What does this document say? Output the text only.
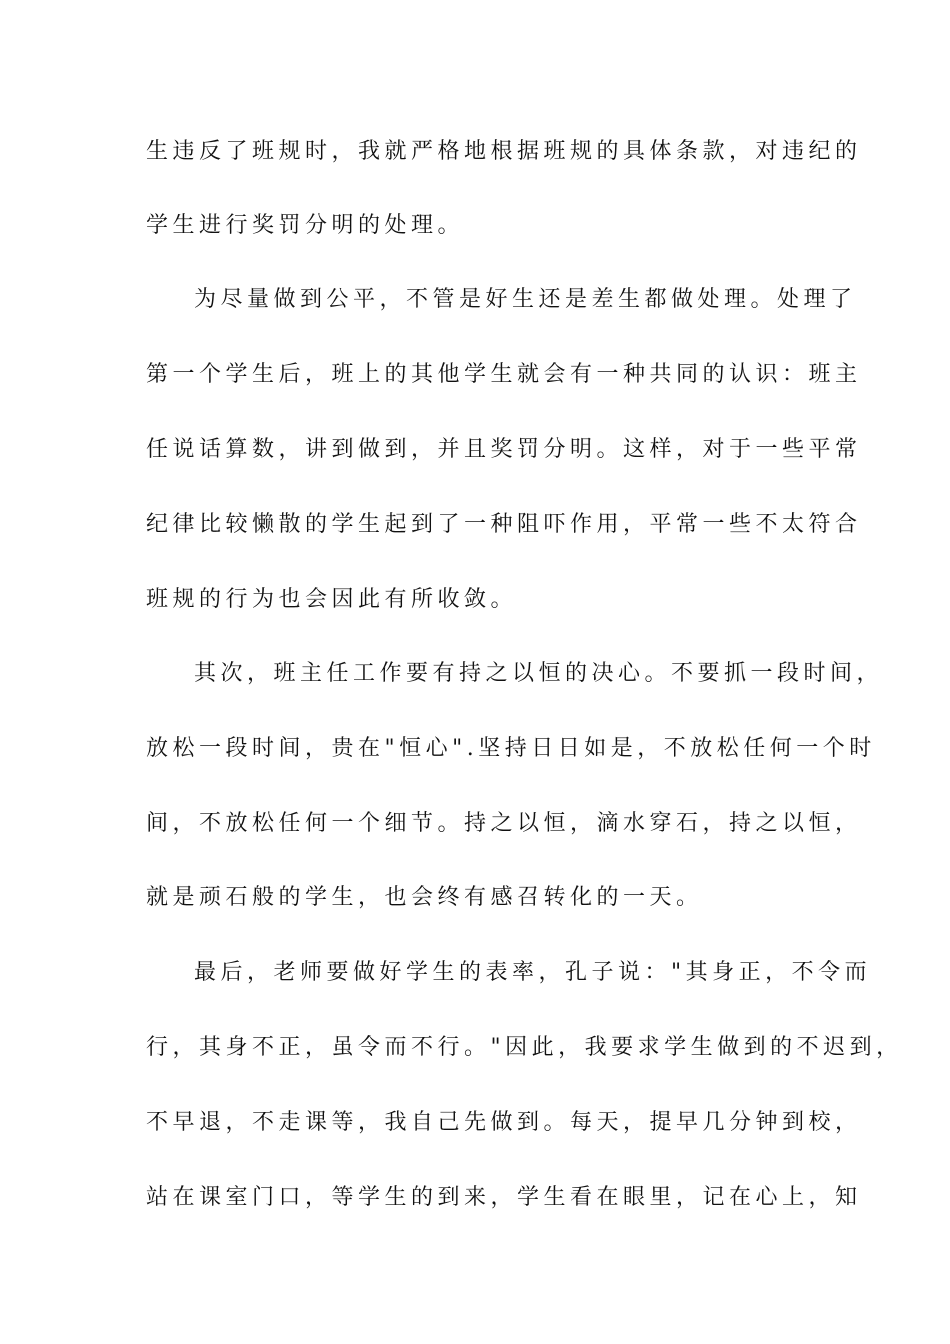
生违反了班规时，我就严格地根据班规的具体条款，对违纪的
学生进行奖罚分明的处理。
为尽量做到公平，不管是好生还是差生都做处理。处理了
第一个学生后，班上的其他学生就会有一种共同的认识：班主
任说话算数，讲到做到，并且奖罚分明。这样，对于一些平常
纪律比较懒散的学生起到了一种阻吓作用，平常一些不太符合
班规的行为也会因此有所收敛。
其次，班主任工作要有持之以恒的决心。不要抓一段时间，
放松一段时间，贵在"恒心".坚持日日如是，不放松任何一个时
间，不放松任何一个细节。持之以恒，滴水穿石，持之以恒，
就是顽石般的学生，也会终有感召转化的一天。
最后，老师要做好学生的表率，孔子说："其身正，不令而
行，其身不正，虽令而不行。"因此，我要求学生做到的不迟到，
不早退，不走课等，我自己先做到。每天，提早几分钟到校，
站在课室门口，等学生的到来，学生看在眼里，记在心上，知
